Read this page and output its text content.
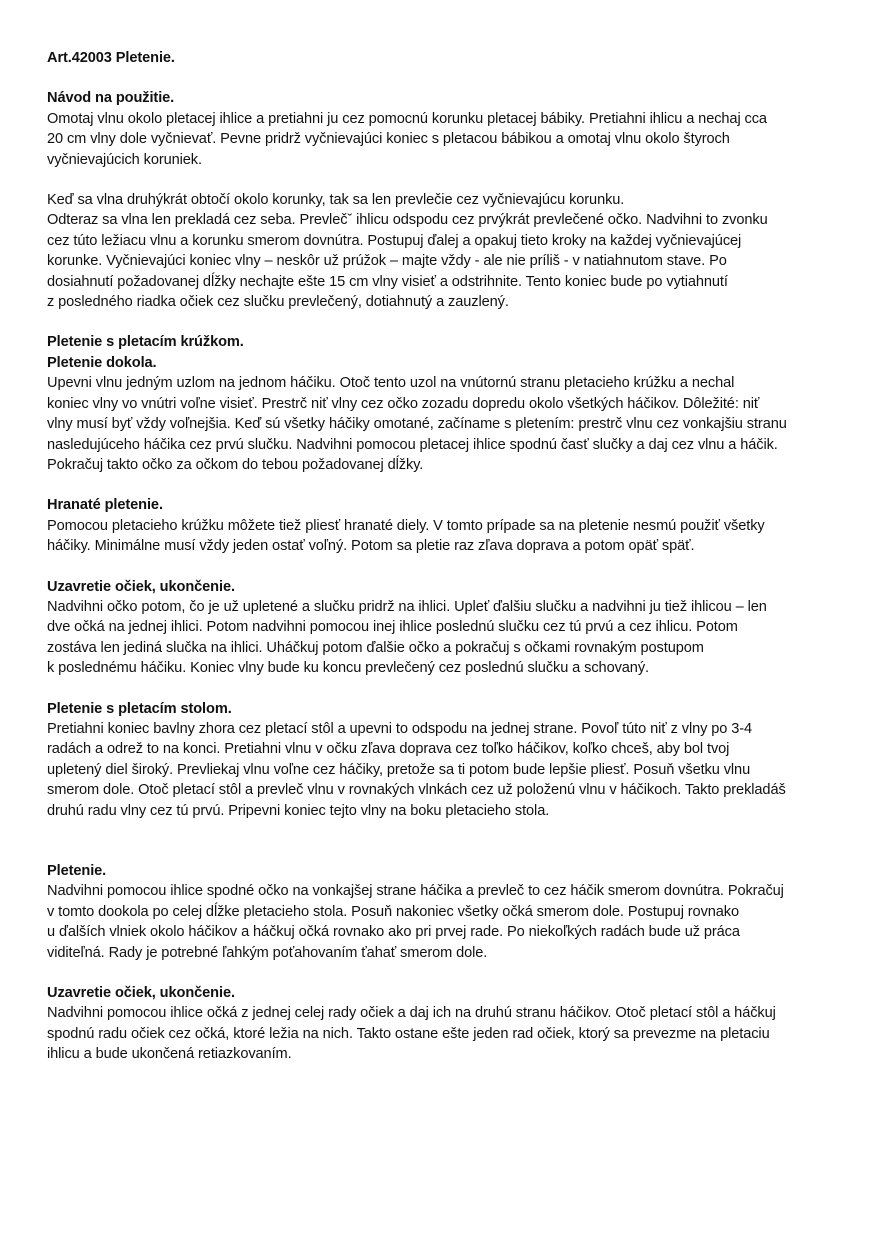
Art.42003 Pletenie.

Návod na použitie.

Omotaj vlnu okolo pletacej ihlice a pretiahni ju cez pomocnú korunku pletacej bábiky. Pretiahni ihlicu a nechaj cca

20 cm vlny dole vyčnievať. Pevne pridrž vyčnievajúci koniec s pletacou bábikou a omotaj vlnu okolo štyroch

vyčnievajúcich koruniek.

Keď sa vlna druhýkrát obtočí okolo korunky, tak sa len prevlečie cez vyčnievajúcu korunku.

Odteraz sa vlna len prekladá cez seba. Prevlečˇ ihlicu odspodu cez prvýkrát prevlečené očko. Nadvihni to zvonku

cez túto ležiacu vlnu a korunku smerom dovnútra. Postupuj ďalej a opakuj tieto kroky na každej vyčnievajúcej

korunke. Vyčnievajúci koniec vlny – neskôr už prúžok – majte vždy - ale nie príliš - v natiahnutom stave. Po

dosiahnutí požadovanej dĺžky nechajte ešte 15 cm vlny visieť a odstrihnite. Tento koniec bude po vytiahnutí

z posledného riadka očiek cez slučku prevlečený, dotiahnutý a zauzlený.

Pletenie s pletacím krúžkom.

Pletenie dokola.

Upevni vlnu jedným uzlom na jednom háčiku. Otoč tento uzol na vnútornú stranu pletacieho krúžku a nechal

koniec vlny vo vnútri voľne visieť. Prestrč niť vlny cez očko zozadu dopredu okolo všetkých háčikov. Dôležité: niť

vlny musí byť vždy voľnejšia. Keď sú všetky háčiky omotané, začíname s pletením: prestrč vlnu cez vonkajšiu stranu

nasledujúceho háčika cez prvú slučku. Nadvihni pomocou pletacej ihlice spodnú časť slučky a daj cez vlnu a háčik.

Pokračuj takto očko za očkom do tebou požadovanej dĺžky.

Hranaté pletenie.

Pomocou pletacieho krúžku môžete tiež pliesť hranaté diely. V tomto prípade sa na pletenie nesmú použiť všetky

háčiky. Minimálne musí vždy jeden ostať voľný. Potom sa pletie raz zľava doprava a potom opäť späť.

Uzavretie očiek, ukončenie.

Nadvihni očko potom, čo je už upletené a slučku pridrž na ihlici. Upleť ďalšiu slučku a nadvihni ju tiež ihlicou – len

dve očká na jednej ihlici. Potom nadvihni pomocou inej ihlice poslednú slučku cez tú prvú a cez ihlicu. Potom

zostáva len jediná slučka na ihlici. Uháčkuj potom ďalšie očko a pokračuj s očkami rovnakým postupom

k poslednému háčiku. Koniec vlny bude ku koncu prevlečený cez poslednú slučku a schovaný.

Pletenie s pletacím stolom.

Pretiahni koniec bavlny zhora cez pletací stôl a upevni to odspodu na jednej strane. Povoľ túto niť z vlny po 3-4

radách a odrež to na konci. Pretiahni vlnu v očku zľava doprava cez toľko háčikov, koľko chceš, aby bol tvoj

upletený diel široký. Prevliekaj vlnu voľne cez háčiky, pretože sa ti potom bude lepšie pliesť. Posuň všetku vlnu

smerom dole. Otoč pletací stôl a prevleč vlnu v rovnakých vlnkách cez už položenú vlnu v háčikoch. Takto prekladáš

druhú radu vlny cez tú prvú. Pripevni koniec tejto vlny na boku pletacieho stola.

Pletenie.

Nadvihni pomocou ihlice spodné očko na vonkajšej strane háčika a prevleč to cez háčik smerom dovnútra. Pokračuj

v tomto dookola po celej dĺžke pletacieho stola. Posuň nakoniec všetky očká smerom dole. Postupuj rovnako

u ďalších vlniek okolo háčikov a háčkuj očká rovnako ako pri prvej rade. Po niekoľkých radách bude už práca

viditeľná. Rady je potrebné ľahkým poťahovaním ťahať smerom dole.

Uzavretie očiek, ukončenie.

Nadvihni pomocou ihlice očká z jednej celej rady očiek a daj ich na druhú stranu háčikov. Otoč pletací stôl a háčkuj

spodnú radu očiek cez očká, ktoré ležia na nich. Takto ostane ešte jeden rad očiek, ktorý sa prevezme na pletaciu

ihlicu a bude ukončená retiazkovaním.
